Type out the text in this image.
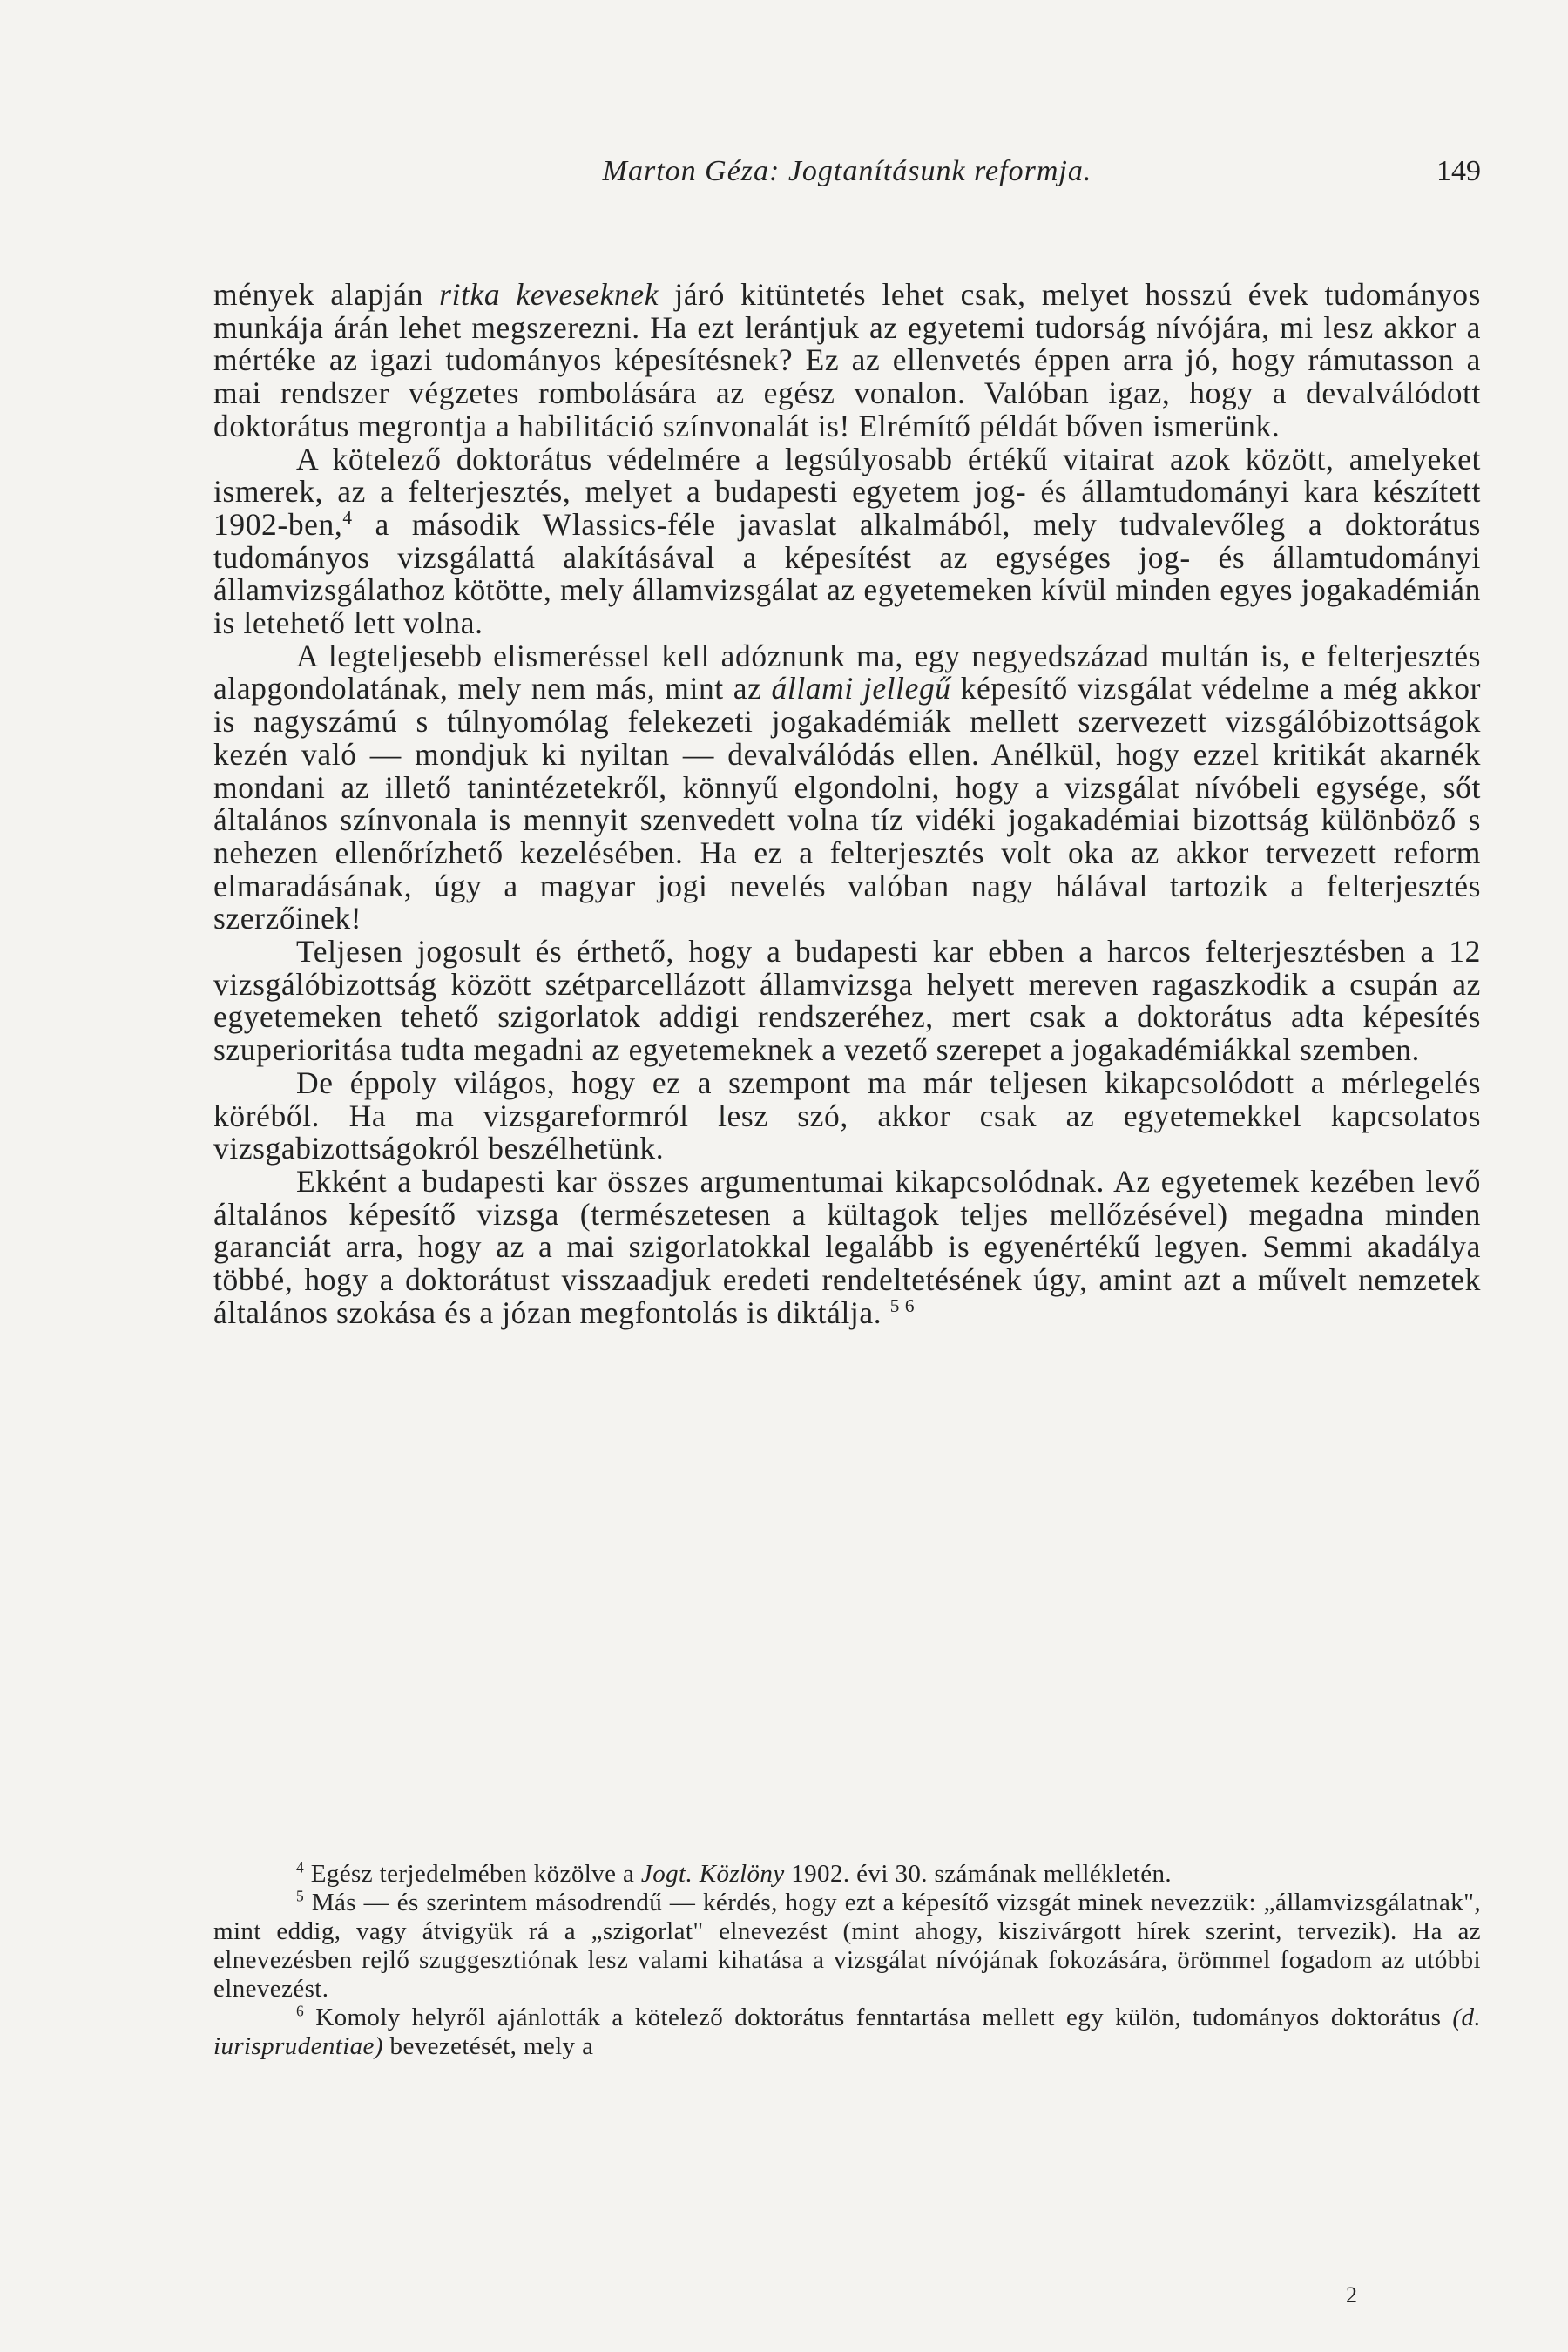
Marton Géza: Jogtanításunk reformja.	149

mények alapján ritka keveseknek járó kitüntetés lehet csak, melyet hosszú évek tudományos munkája árán lehet megszerezni. Ha ezt lerántjuk az egyetemi tudorság nívójára, mi lesz akkor a mértéke az igazi tudományos képesítésnek? Ez az ellenvetés éppen arra jó, hogy rámutasson a mai rendszer végzetes rombolására az egész vonalon. Valóban igaz, hogy a devalválódott doktorátus megrontja a habilitáció színvonalát is! Elrémítő példát bőven ismerünk.

A kötelező doktorátus védelmére a legsúlyosabb értékű vitairat azok között, amelyeket ismerek, az a felterjesztés, melyet a budapesti egyetem jog- és államtudományi kara készített 1902-ben,$^4$ a második Wlassics-féle javaslat alkalmából, mely tudvalevőleg a doktorátus tudományos vizsgálattá alakításával a képesítést az egységes jog- és államtudományi államvizsgálathoz kötötte, mely államvizsgálat az egyetemeken kívül minden egyes jogakadémián is letehető lett volna.

A legteljesebb elismeréssel kell adóznunk ma, egy negyedszázad multán is, e felterjesztés alapgondolatának, mely nem más, mint az állami jellegű képesítő vizsgálat védelme a még akkor is nagyszámú s túlnyomólag felekezeti jogakadémiák mellett szervezett vizsgálóbizottságok kezén való — mondjuk ki nyiltan — devalválódás ellen. Anélkül, hogy ezzel kritikát akarnék mondani az illető tanintézetekről, könnyű elgondolni, hogy a vizsgálat nívóbeli egysége, sőt általános színvonala is mennyit szenvedett volna tíz vidéki jogakadémiai bizottság különböző s nehezen ellenőrízhető kezelésében. Ha ez a felterjesztés volt oka az akkor tervezett reform elmaradásának, úgy a magyar jogi nevelés valóban nagy hálával tartozik a felterjesztés szerzőinek!

Teljesen jogosult és érthető, hogy a budapesti kar ebben a harcos felterjesztésben a 12 vizsgálóbizottság között szétparcellázott államvizsga helyett mereven ragaszkodik a csupán az egyetemeken tehető szigorlatok addigi rendszeréhez, mert csak a doktorátus adta képesítés szuperioritása tudta megadni az egyetemeknek a vezető szerepet a jogakadémiákkal szemben.

De éppoly világos, hogy ez a szempont ma már teljesen kikapcsolódott a mérlegelés köréből. Ha ma vizsgareformról lesz szó, akkor csak az egyetemekkel kapcsolatos vizsgabizottságokról beszélhetünk.

Ekként a budapesti kar összes argumentumai kikapcsolódnak. Az egyetemek kezében levő általános képesítő vizsga (természetesen a kültagok teljes mellőzésével) megadna minden garanciát arra, hogy az a mai szigorlatokkal legalább is egyenértékű legyen. Semmi akadálya többé, hogy a doktorátust visszaadjuk eredeti rendeltetésének úgy, amint azt a művelt nemzetek általános szokása és a józan megfontolás is diktálja. $^{5 6}$

$^4$ Egész terjedelmében közölve a Jogt. Közlöny 1902. évi 30. számának mellékletén.

$^5$ Más — és szerintem másodrendű — kérdés, hogy ezt a képesítő vizsgát minek nevezzük: „államvizsgálatnak", mint eddig, vagy átvigyük rá a „szigorlat" elnevezést (mint ahogy, kiszivárgott hírek szerint, tervezik). Ha az elnevezésben rejlő szuggesztiónak lesz valami kihatása a vizsgálat nívójának fokozására, örömmel fogadom az utóbbi elnevezést.

$^6$ Komoly helyről ajánlották a kötelező doktorátus fenntartása mellett egy külön, tudományos doktorátus (d. iurisprudentiae) bevezetését, mely a

2
